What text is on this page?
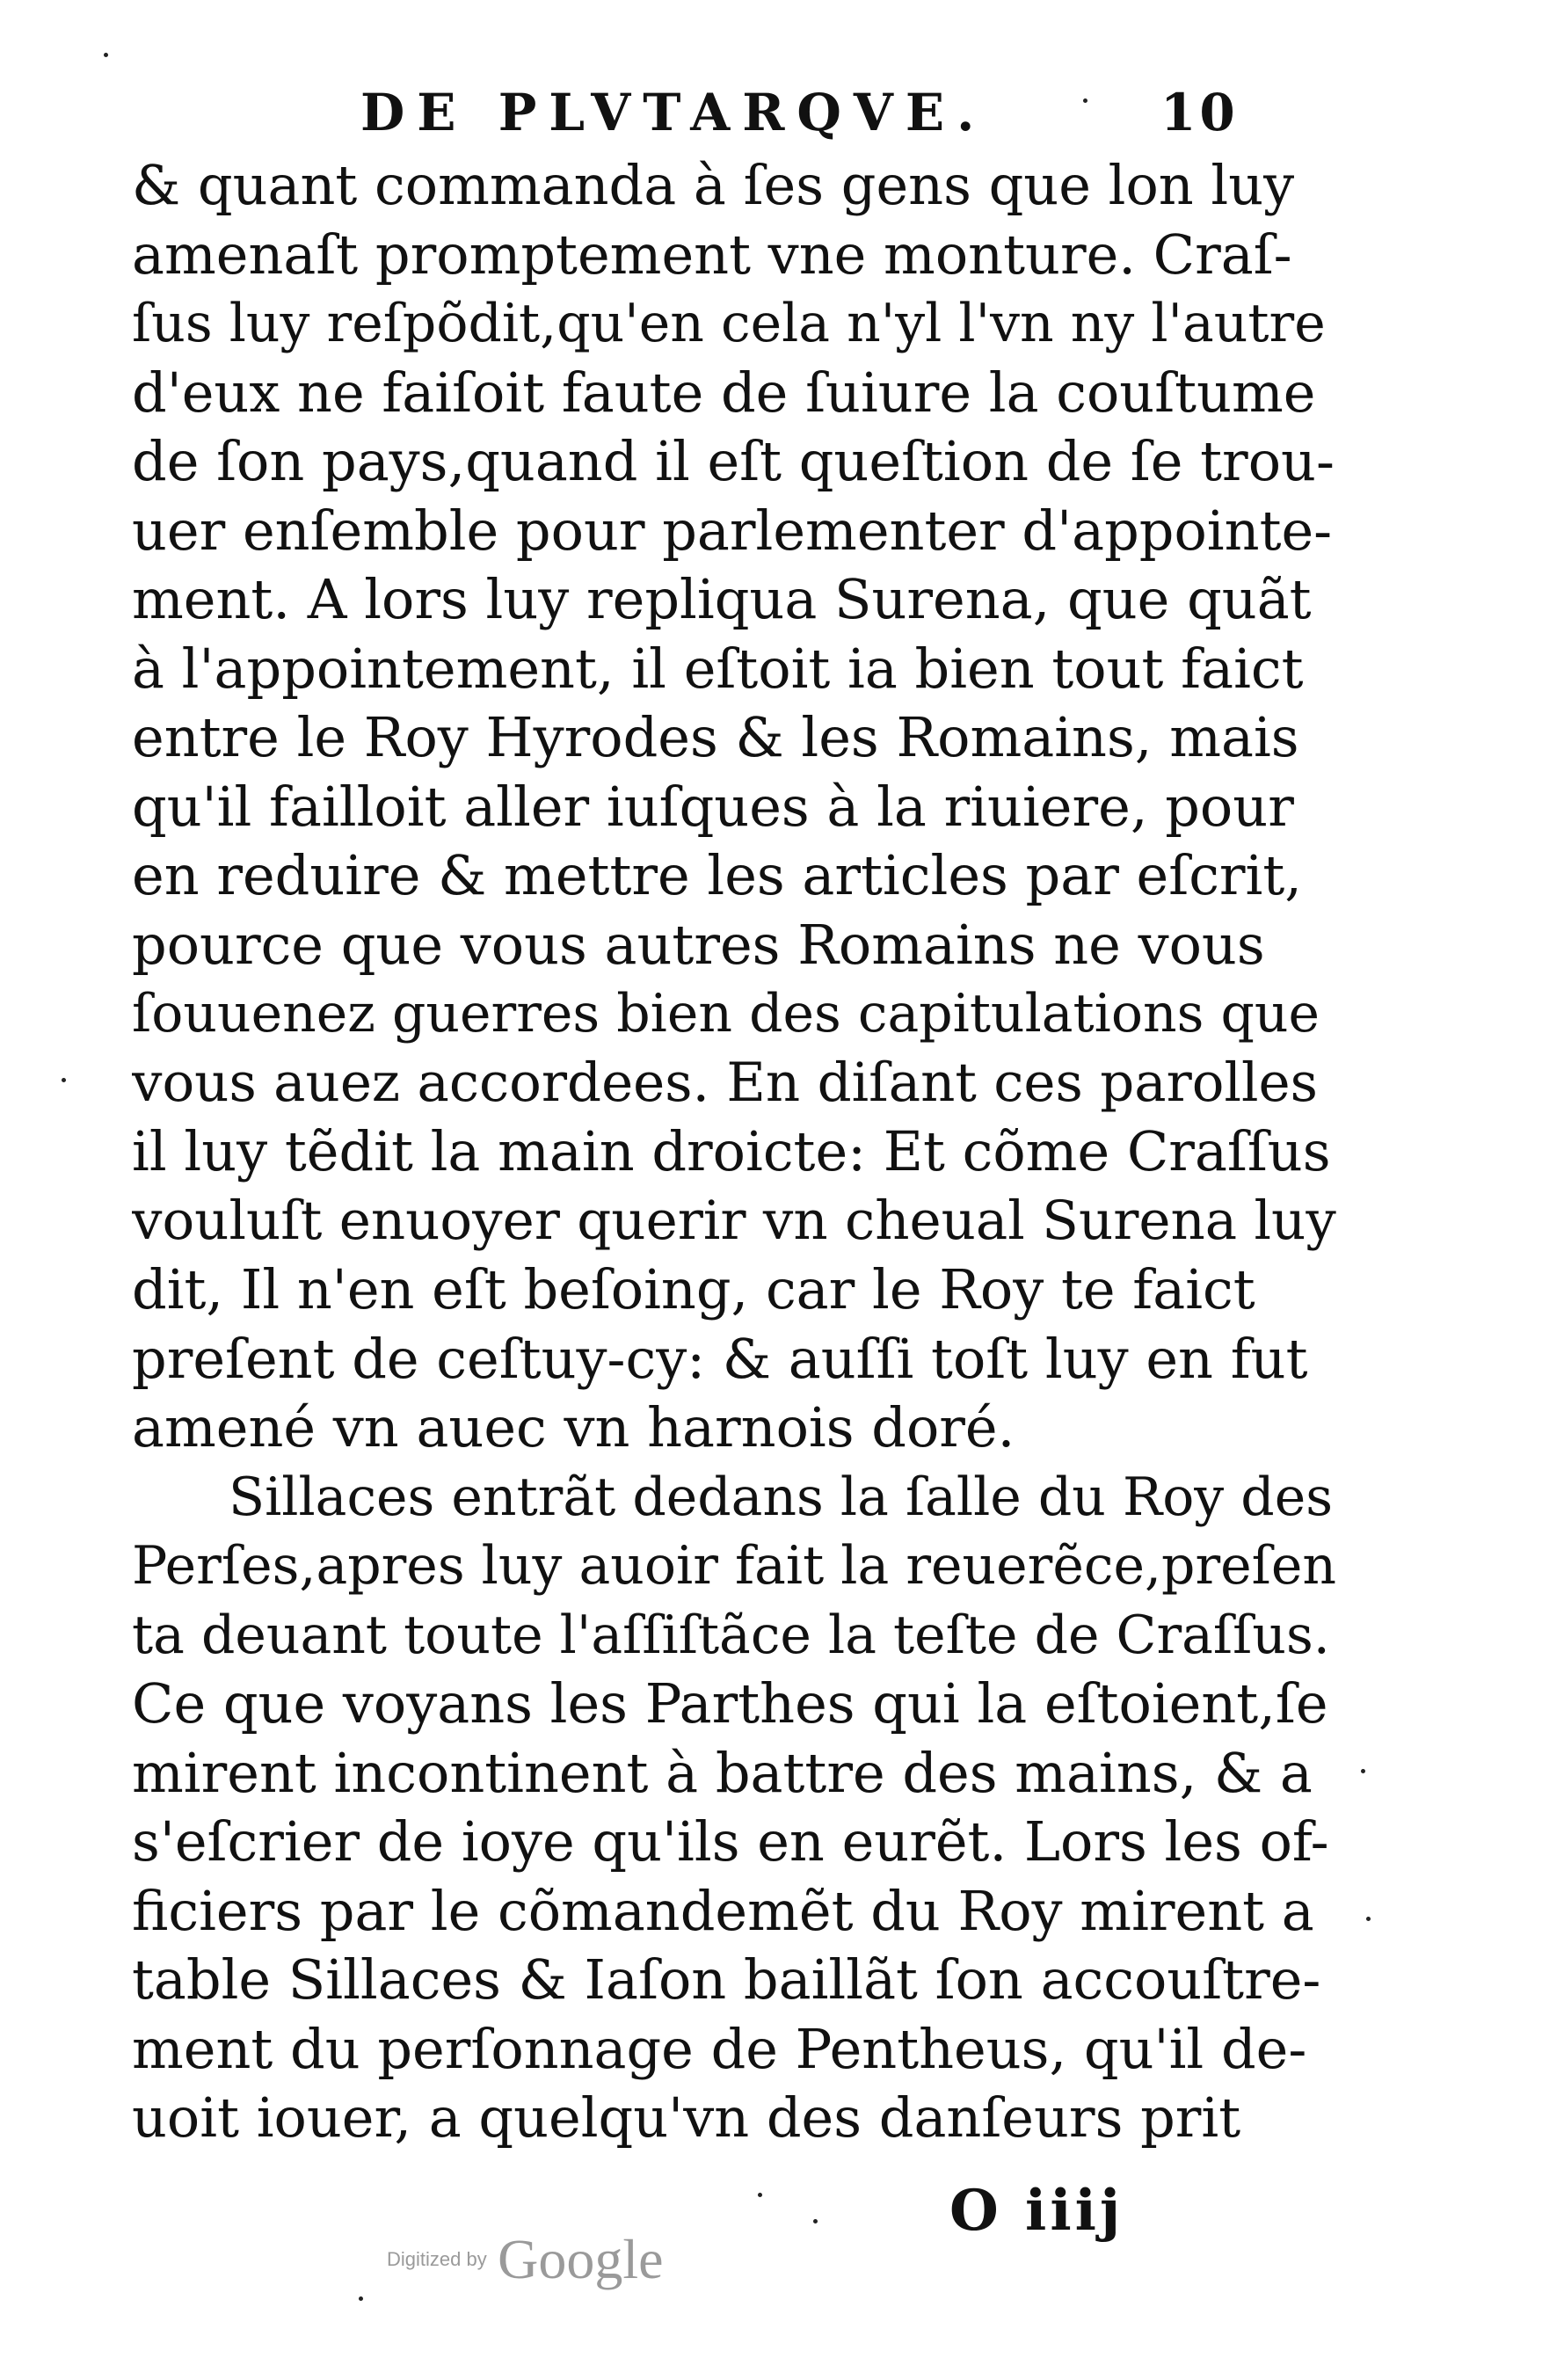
DE PLVTARQVE.	10
& quant commanda à ſes gens que lon luy
amenaſt promptement vne monture. Craſ-
ſus luy reſpõdit,qu'en cela n'yl l'vn ny l'autre
d'eux ne faiſoit faute de ſuiure la couſtume
de ſon pays,quand il eſt queſtion de ſe trou-
uer enſemble pour parlementer d'appointe-
ment. A lors luy repliqua Surena, que quãt
à l'appointement, il eſtoit ia bien tout faict
entre le Roy Hyrodes & les Romains, mais
qu'il failloit aller iuſques à la riuiere, pour
en reduire & mettre les articles par eſcrit,
pource que vous autres Romains ne vous
ſouuenez guerres bien des capitulations que
vous auez accordees. En diſant ces parolles
il luy tẽdit la main droicte: Et cõme Craſſus
vouluſt enuoyer querir vn cheual Surena luy
dit, Il n'en eſt beſoing, car le Roy te faict
preſent de ceſtuy-cy: & auſſi toſt luy en fut
amené vn auec vn harnois doré.
Sillaces entrãt dedans la ſalle du Roy des
Perſes,apres luy auoir fait la reuerẽce,preſen
ta deuant toute l'aſſiſtãce la teſte de Craſſus.
Ce que voyans les Parthes qui la eſtoient,ſe
mirent incontinent à battre des mains, & a
s'eſcrier de ioye qu'ils en eurẽt. Lors les of-
ficiers par le cõmandemẽt du Roy mirent a
table Sillaces & Iaſon baillãt ſon accouſtre-
ment du perſonnage de Pentheus, qu'il de-
uoit iouer, a quelqu'vn des danſeurs prit
O iiij
Digitized by Google
